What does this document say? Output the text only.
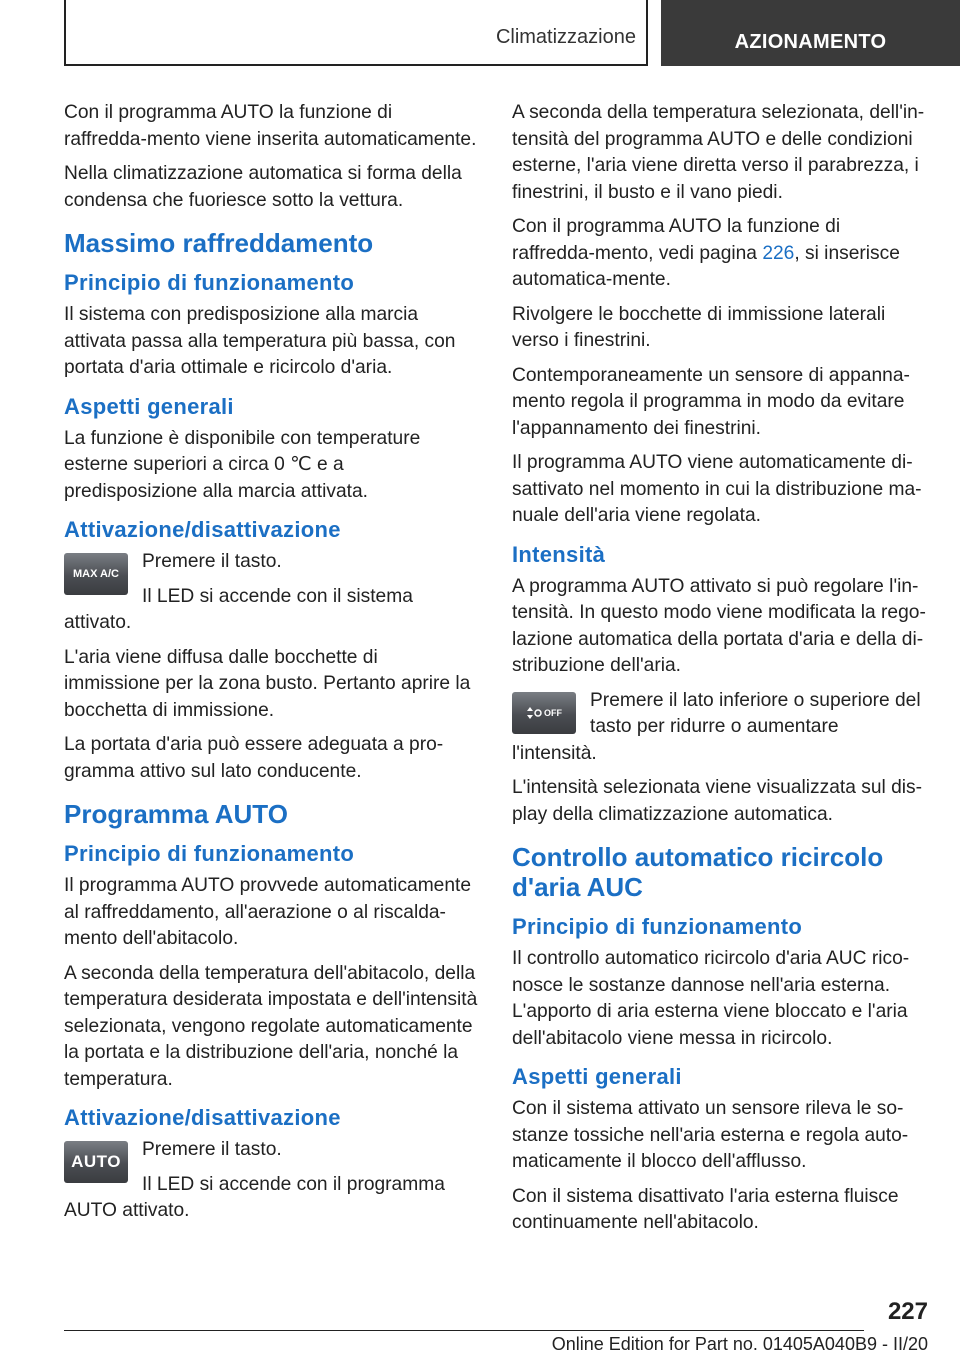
Climatizzazione	AZIONAMENTO

Con il programma AUTO la funzione di raffredda-mento viene inserita automaticamente.

Nella climatizzazione automatica si forma della condensa che fuoriesce sotto la vettura.

Massimo raffreddamento
Principio di funzionamento

Il sistema con predisposizione alla marcia attivata passa alla temperatura più bassa, con portata d'aria ottimale e ricircolo d'aria.

Aspetti generali

La funzione è disponibile con temperature esterne superiori a circa 0 ℃ e a predisposizione alla marcia attivata.

Attivazione/disattivazione
MAX A/C

Premere il tasto.

Il LED si accende con il sistema attivato.

L'aria viene diffusa dalle bocchette di immissione per la zona busto. Pertanto aprire la bocchetta di immissione.

La portata d'aria può essere adeguata a pro-gramma attivo sul lato conducente.

Programma AUTO
Principio di funzionamento

Il programma AUTO provvede automaticamente al raffreddamento, all'aerazione o al riscalda-mento dell'abitacolo.

A seconda della temperatura dell'abitacolo, della temperatura desiderata impostata e dell'intensità selezionata, vengono regolate automaticamente la portata e la distribuzione dell'aria, nonché la temperatura.

Attivazione/disattivazione
AUTO

Premere il tasto.

Il LED si accende con il programma AUTO attivato.

A seconda della temperatura selezionata, dell'in-tensità del programma AUTO e delle condizioni esterne, l'aria viene diretta verso il parabrezza, i finestrini, il busto e il vano piedi.

Con il programma AUTO la funzione di raffredda-mento, vedi pagina 226, si inserisce automatica-mente.

Rivolgere le bocchette di immissione laterali verso i finestrini.

Contemporaneamente un sensore di appanna-mento regola il programma in modo da evitare l'appannamento dei finestrini.

Il programma AUTO viene automaticamente di-sattivato nel momento in cui la distribuzione ma-nuale dell'aria viene regolata.

Intensità

A programma AUTO attivato si può regolare l'in-tensità. In questo modo viene modificata la rego-lazione automatica della portata d'aria e della di-stribuzione dell'aria.

OFF

Premere il lato inferiore o superiore del tasto per ridurre o aumentare l'intensità.

L'intensità selezionata viene visualizzata sul dis-play della climatizzazione automatica.

Controllo automatico ricircolo d'aria AUC
Principio di funzionamento

Il controllo automatico ricircolo d'aria AUC rico-nosce le sostanze dannose nell'aria esterna. L'apporto di aria esterna viene bloccato e l'aria dell'abitacolo viene messa in ricircolo.

Aspetti generali

Con il sistema attivato un sensore rileva le so-stanze tossiche nell'aria esterna e regola auto-maticamente il blocco dell'afflusso.

Con il sistema disattivato l'aria esterna fluisce continuamente nell'abitacolo.

227
Online Edition for Part no. 01405A040B9 - II/20
